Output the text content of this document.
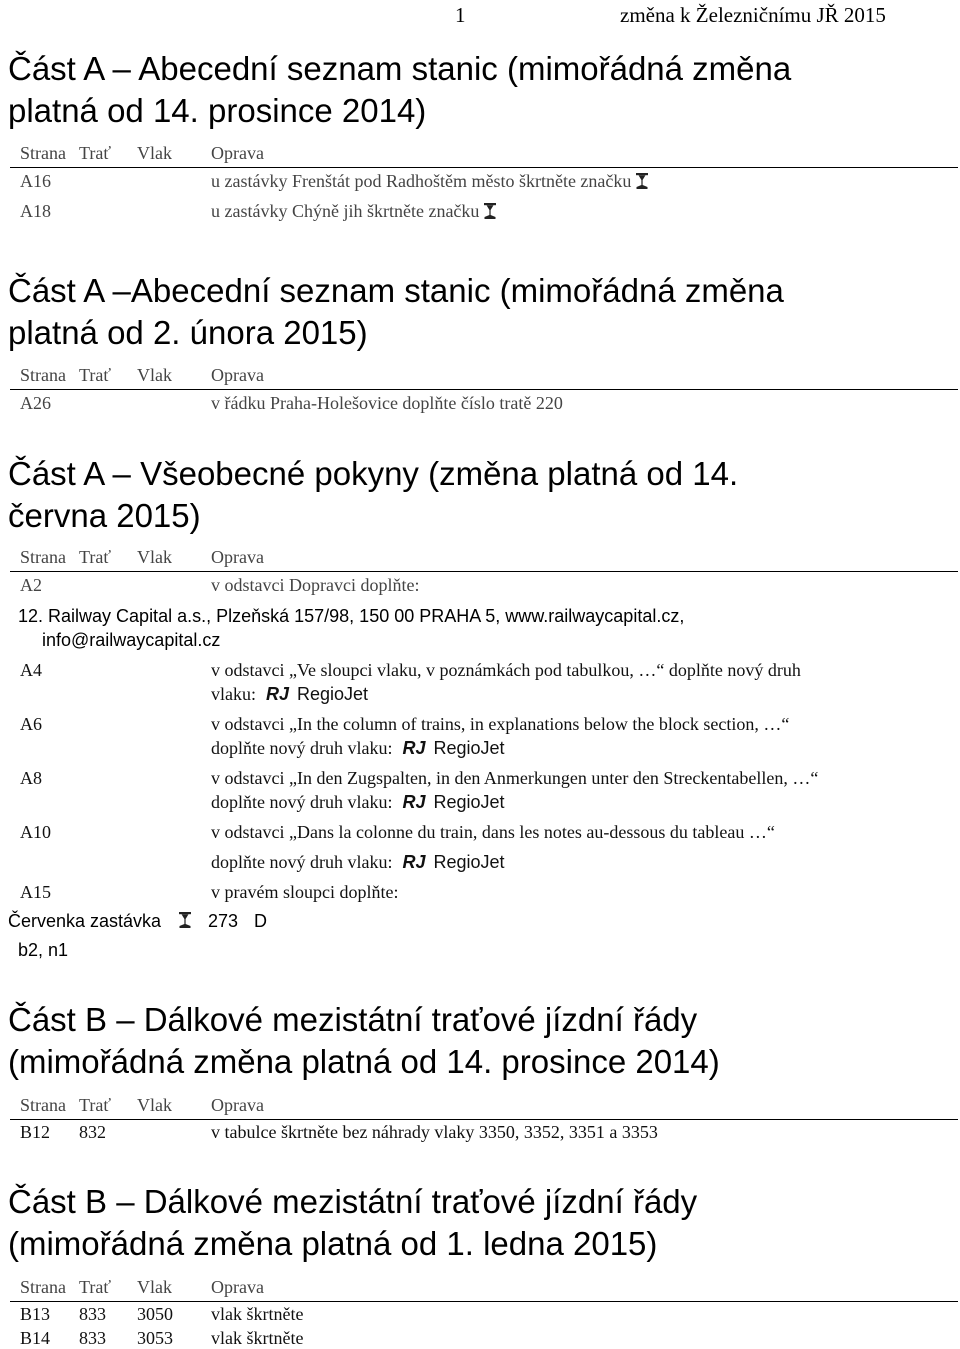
1	změna k Železničnímu JŘ 2015
Část A – Abecední seznam stanic (mimořádná změna
platná od 14. prosince 2014)
Strana Trať Vlak Oprava
A16	u zastávky Frenštát pod Radhoštěm město škrtněte značku
A18	u zastávky Chýně jih škrtněte značku
Část A –Abecední seznam stanic (mimořádná změna
platná od 2. února 2015)
Strana Trať Vlak Oprava
A26	v řádku Praha-Holešovice doplňte číslo tratě 220
Část A – Všeobecné pokyny (změna platná od 14.
června 2015)
Strana Trať Vlak Oprava
A2	v odstavci Dopravci doplňte:
12. Railway Capital a.s., Plzeňská 157/98, 150 00 PRAHA 5, www.railwaycapital.cz,
info@railwaycapital.cz
A4	v odstavci „Ve sloupci vlaku, v poznámkách pod tabulkou, …“ doplňte nový druh
vlaku: RJ RegioJet
A6	v odstavci „In the column of trains, in explanations below the block section, …“
doplňte nový druh vlaku: RJ RegioJet
A8	v odstavci „In den Zugspalten, in den Anmerkungen unter den Streckentabellen, …“
doplňte nový druh vlaku: RJ RegioJet
A10	v odstavci „Dans la colonne du train, dans les notes au-dessous du tableau …“
doplňte nový druh vlaku: RJ RegioJet
A15	v pravém sloupci doplňte:
Červenka zastávka	273 D
b2, n1
Část B – Dálkové mezistátní traťové jízdní řády
(mimořádná změna platná od 14. prosince 2014)
Strana Trať Vlak Oprava
B12 832	v tabulce škrtněte bez náhrady vlaky 3350, 3352, 3351 a 3353
Část B – Dálkové mezistátní traťové jízdní řády
(mimořádná změna platná od 1. ledna 2015)
Strana Trať Vlak Oprava
B13 833 3050 vlak škrtněte
B14 833 3053 vlak škrtněte
